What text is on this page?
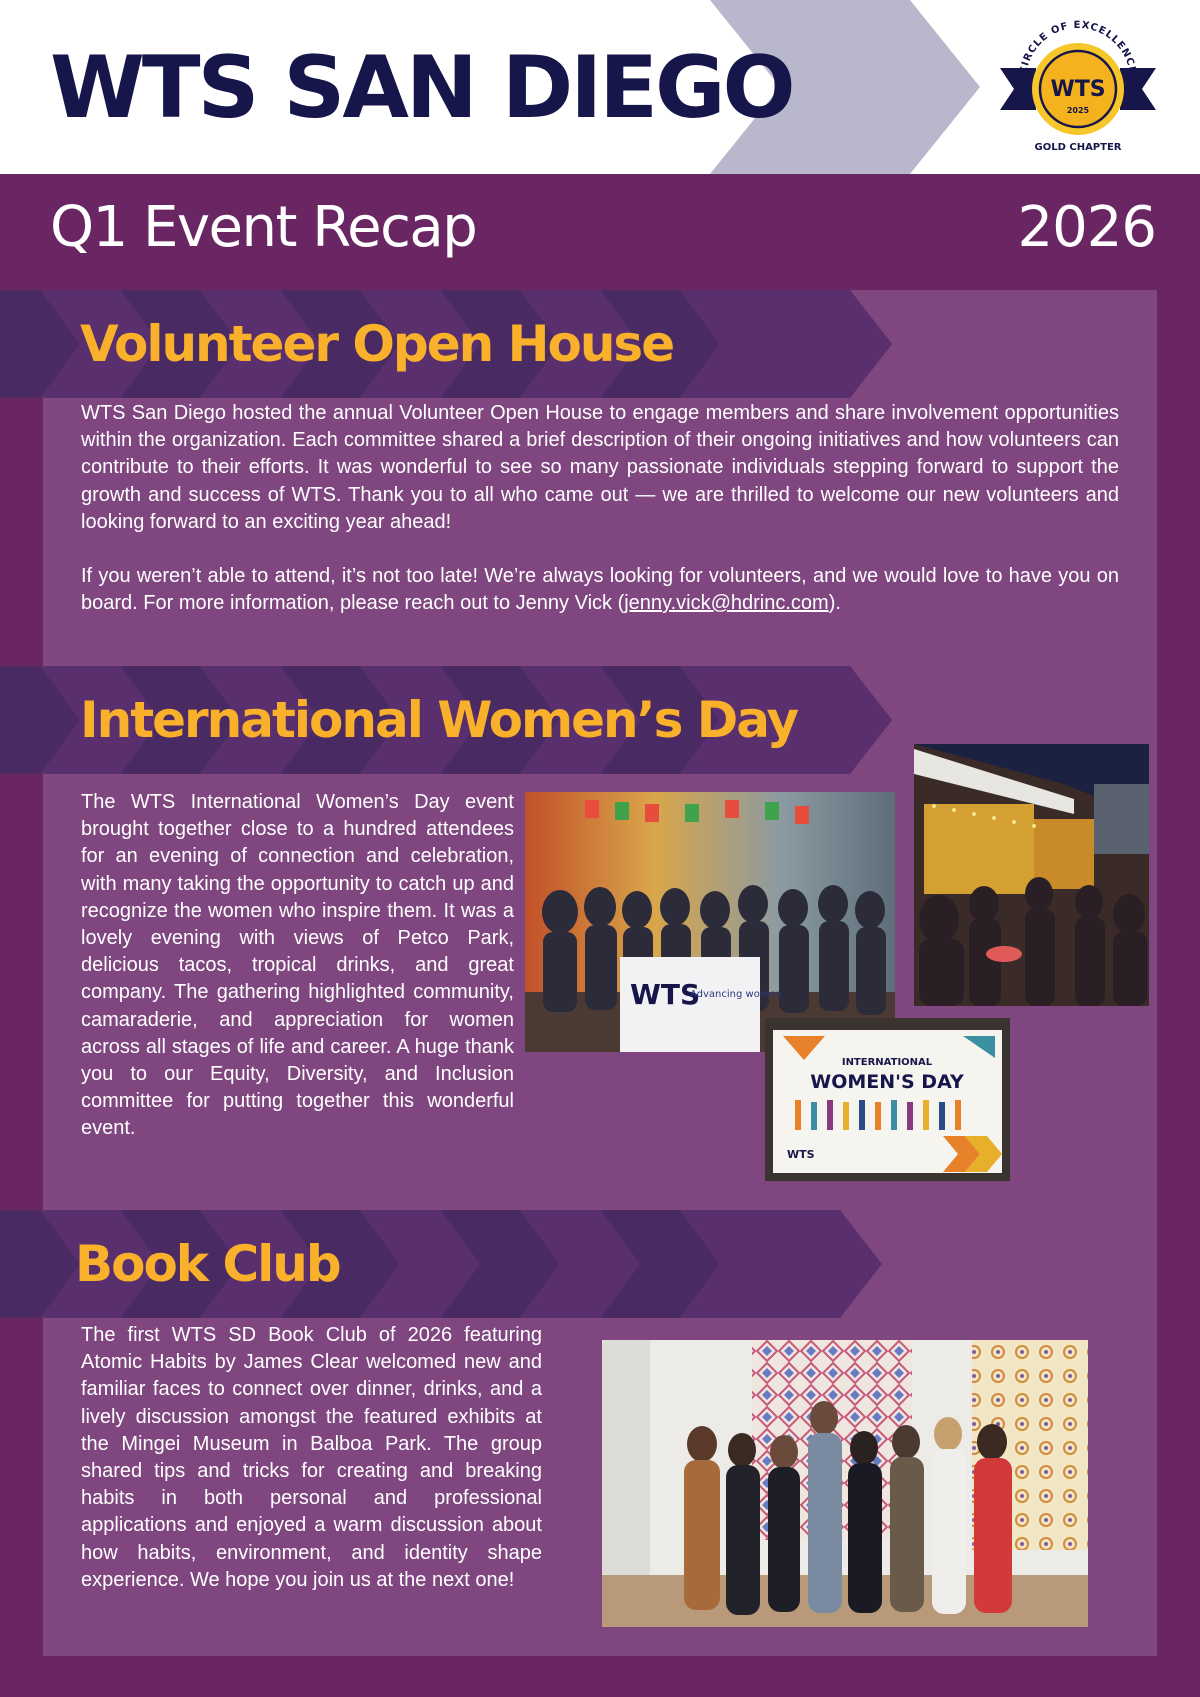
WTS SAN DIEGO	IRCLE OF EXCELLENC
WTS
2025
GOLD CHAPTER
Q1 Event Recap	2026
Volunteer Open House

WTS San Diego hosted the annual Volunteer Open House to engage members and share involvement opportunities within the organization. Each committee shared a brief description of their ongoing initiatives and how volunteers can contribute to their efforts. It was wonderful to see so many passionate individuals stepping forward to support the growth and success of WTS. Thank you to all who came out — we are thrilled to welcome our new volunteers and looking forward to an exciting year ahead!

If you weren’t able to attend, it’s not too late! We’re always looking for volunteers, and we would love to have you on board. For more information, please reach out to Jenny Vick (jenny.vick@hdrinc.com).

International Women’s Day
The WTS International Women’s Day event brought together close to a hundred attendees for an evening of connection and celebration, with many taking the opportunity to catch up and recognize the women who inspire them. It was a lovely evening with views of Petco Park, delicious tacos, tropical drinks, and great company. The gathering highlighted community, camaraderie, and appreciation for women across all stages of life and career. A huge thank you to our Equity, Diversity, and Inclusion committee for putting together this wonderful event.
WTS
Advancing women
INTERNATIONAL
WOMEN'S DAY
WTS
Book Club
The first WTS SD Book Club of 2026 featuring Atomic Habits by James Clear welcomed new and familiar faces to connect over dinner, drinks, and a lively discussion amongst the featured exhibits at the Mingei Museum in Balboa Park. The group shared tips and tricks for creating and breaking habits in both personal and professional applications and enjoyed a warm discussion about how habits, environment, and identity shape experience. We hope you join us at the next one!
